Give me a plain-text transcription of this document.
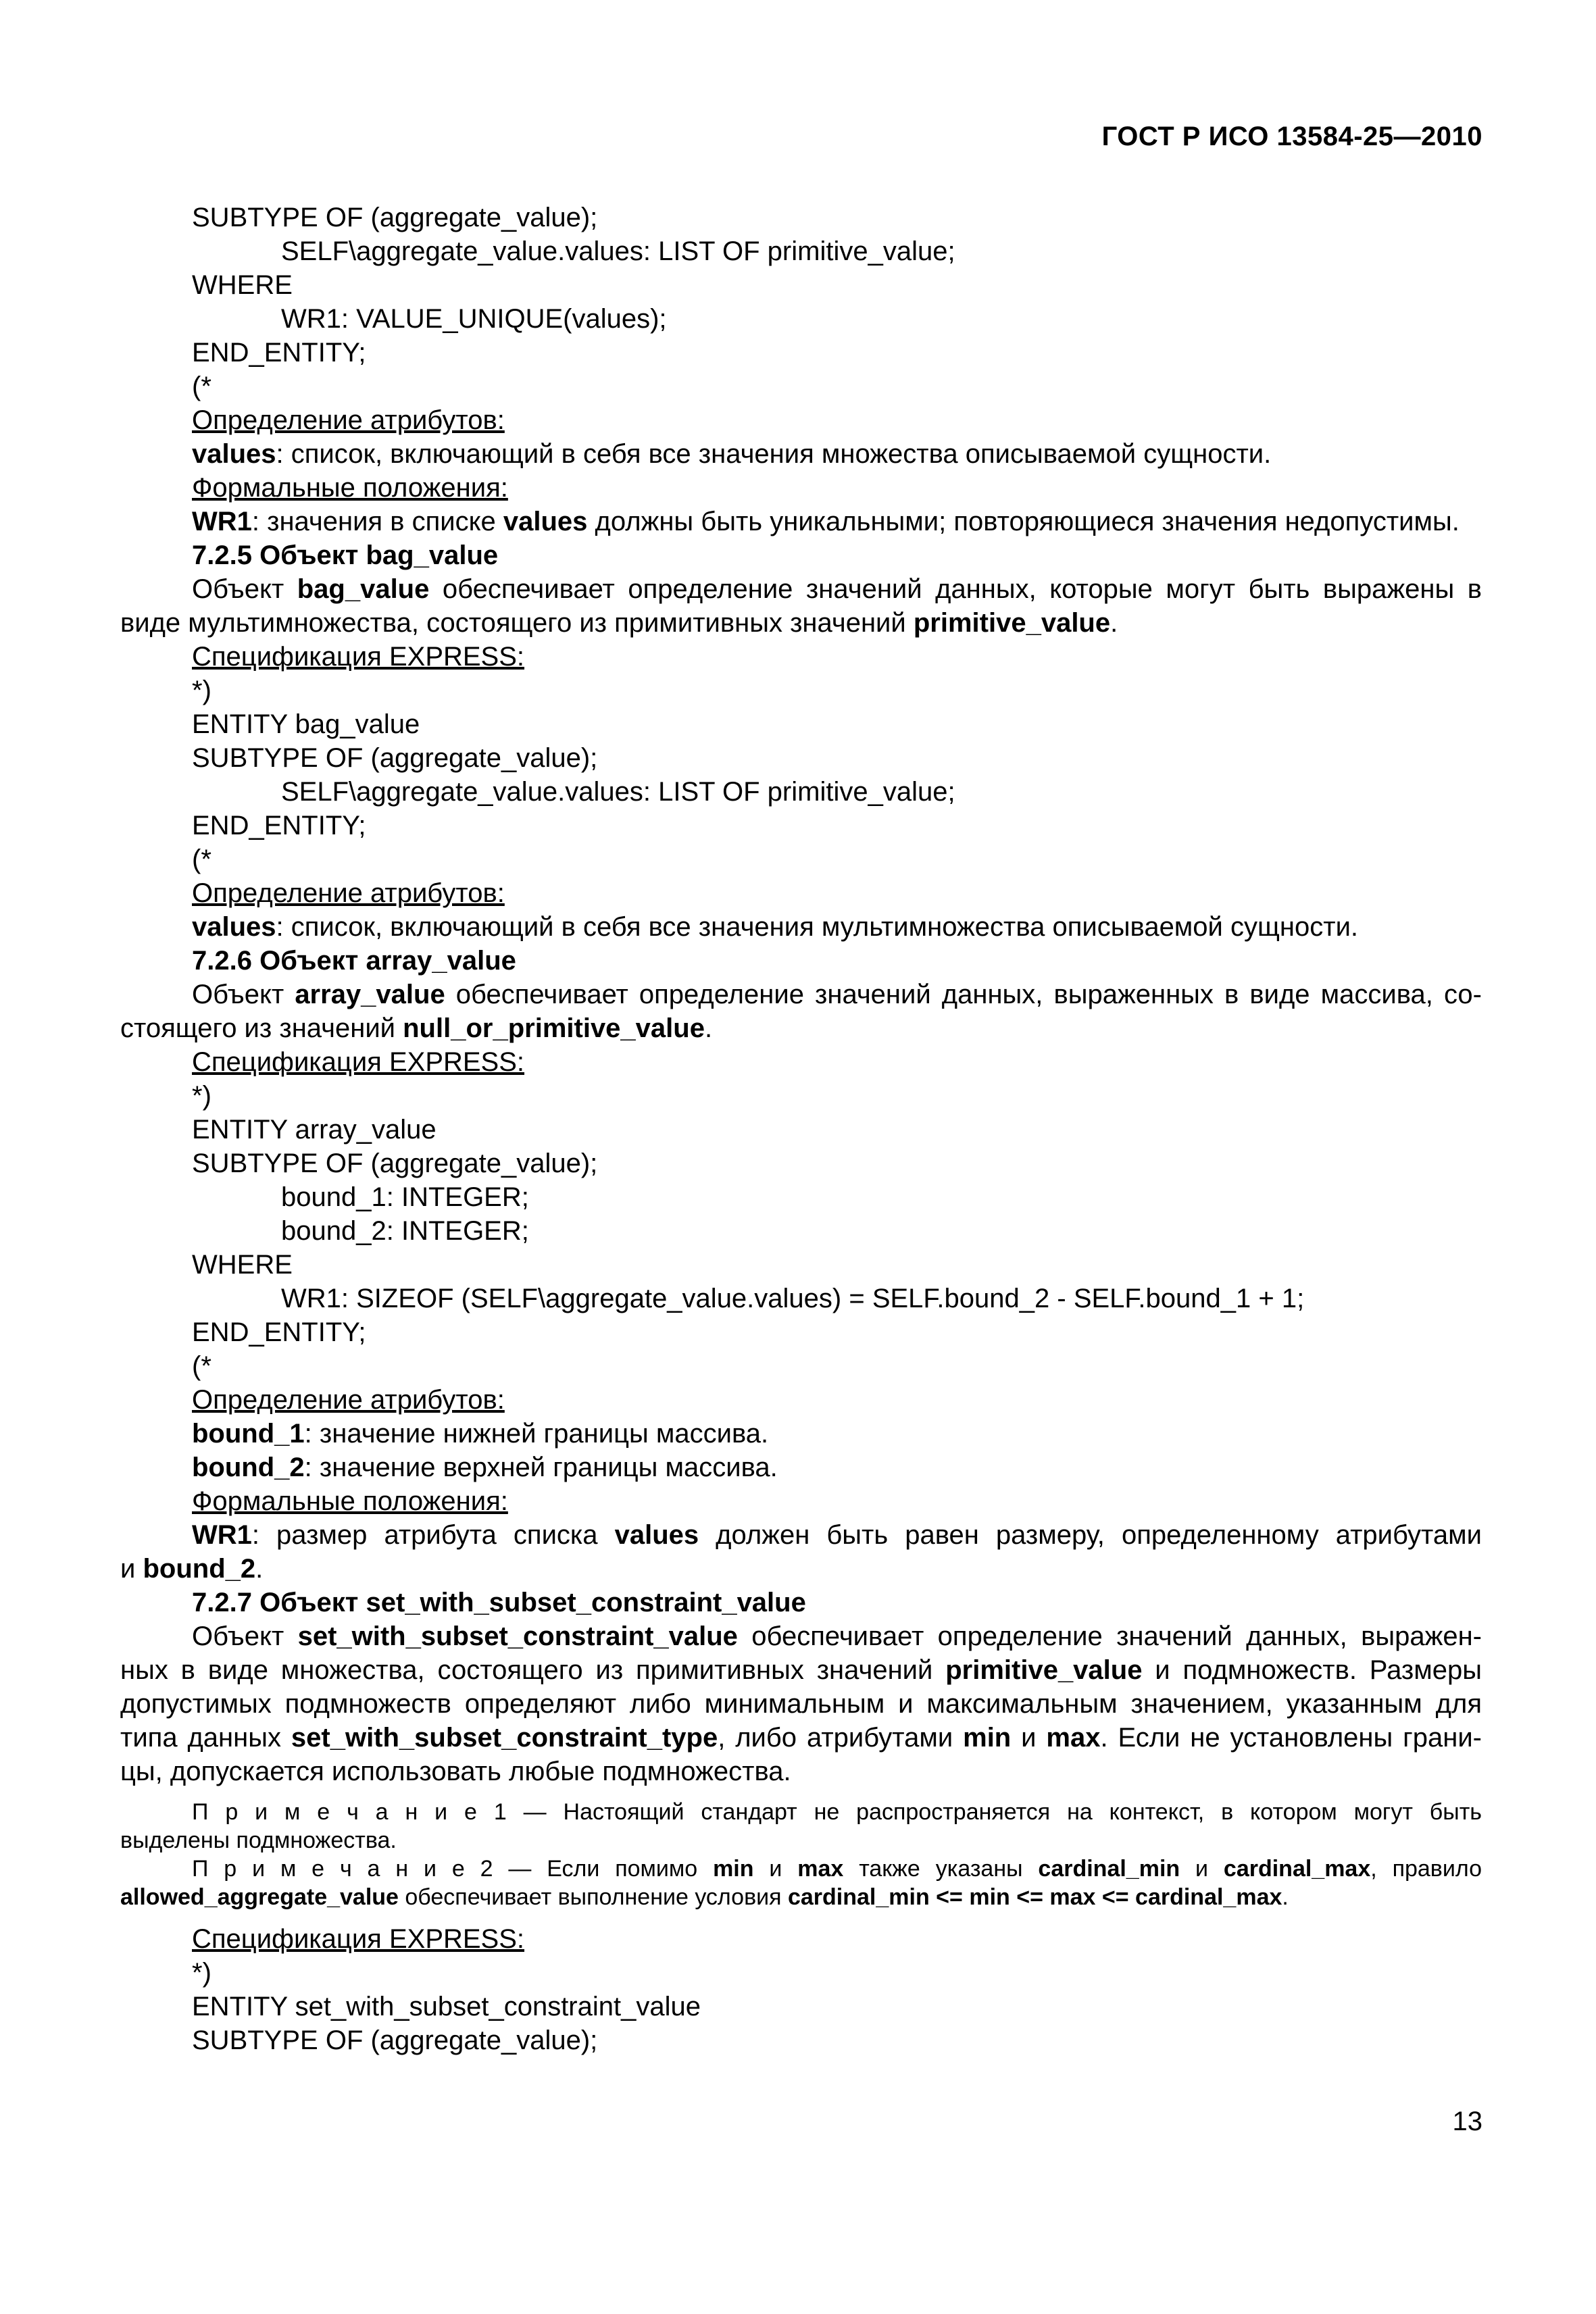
ГОСТ Р ИСО 13584-25—2010
SUBTYPE OF (aggregate_value);
SELF\aggregate_value.values: LIST OF primitive_value;
WHERE
WR1: VALUE_UNIQUE(values);
END_ENTITY;
(*
Определение атрибутов:
values: список, включающий в себя все значения множества описываемой сущности.
Формальные положения:
WR1: значения в списке values должны быть уникальными; повторяющиеся значения недопустимы.
7.2.5 Объект bag_value
Объект bag_value обеспечивает определение значений данных, которые могут быть выражены в
виде мультимножества, состоящего из примитивных значений primitive_value.
Спецификация EXPRESS:
*)
ENTITY bag_value
SUBTYPE OF (aggregate_value);
SELF\aggregate_value.values: LIST OF primitive_value;
END_ENTITY;
(*
Определение атрибутов:
values: список, включающий в себя все значения мультимножества описываемой сущности.
7.2.6 Объект array_value
Объект array_value обеспечивает определение значений данных, выраженных в виде массива, со-
стоящего из значений null_or_primitive_value.
Спецификация EXPRESS:
*)
ENTITY array_value
SUBTYPE OF (aggregate_value);
bound_1: INTEGER;
bound_2: INTEGER;
WHERE
WR1: SIZEOF (SELF\aggregate_value.values) = SELF.bound_2 - SELF.bound_1 + 1;
END_ENTITY;
(*
Определение атрибутов:
bound_1: значение нижней границы массива.
bound_2: значение верхней границы массива.
Формальные положения:
WR1: размер атрибута списка values должен быть равен размеру, определенному атрибутами
и bound_2.
7.2.7 Объект set_with_subset_constraint_value
Объект set_with_subset_constraint_value обеспечивает определение значений данных, выражен-
ных в виде множества, состоящего из примитивных значений primitive_value и подмножеств. Размеры
допустимых подмножеств определяют либо минимальным и максимальным значением, указанным для
типа данных set_with_subset_constraint_type, либо атрибутами min и max. Если не установлены грани-
цы, допускается использовать любые подмножества.
П р и м е ч а н и е 1 — Настоящий стандарт не распространяется на контекст, в котором могут быть
выделены подмножества.
П р и м е ч а н и е 2 — Если помимо min и max также указаны cardinal_min и cardinal_max, правило
allowed_aggregate_value обеспечивает выполнение условия cardinal_min <= min <= max <= cardinal_max.
Спецификация EXPRESS:
*)
ENTITY set_with_subset_constraint_value
SUBTYPE OF (aggregate_value);
13
